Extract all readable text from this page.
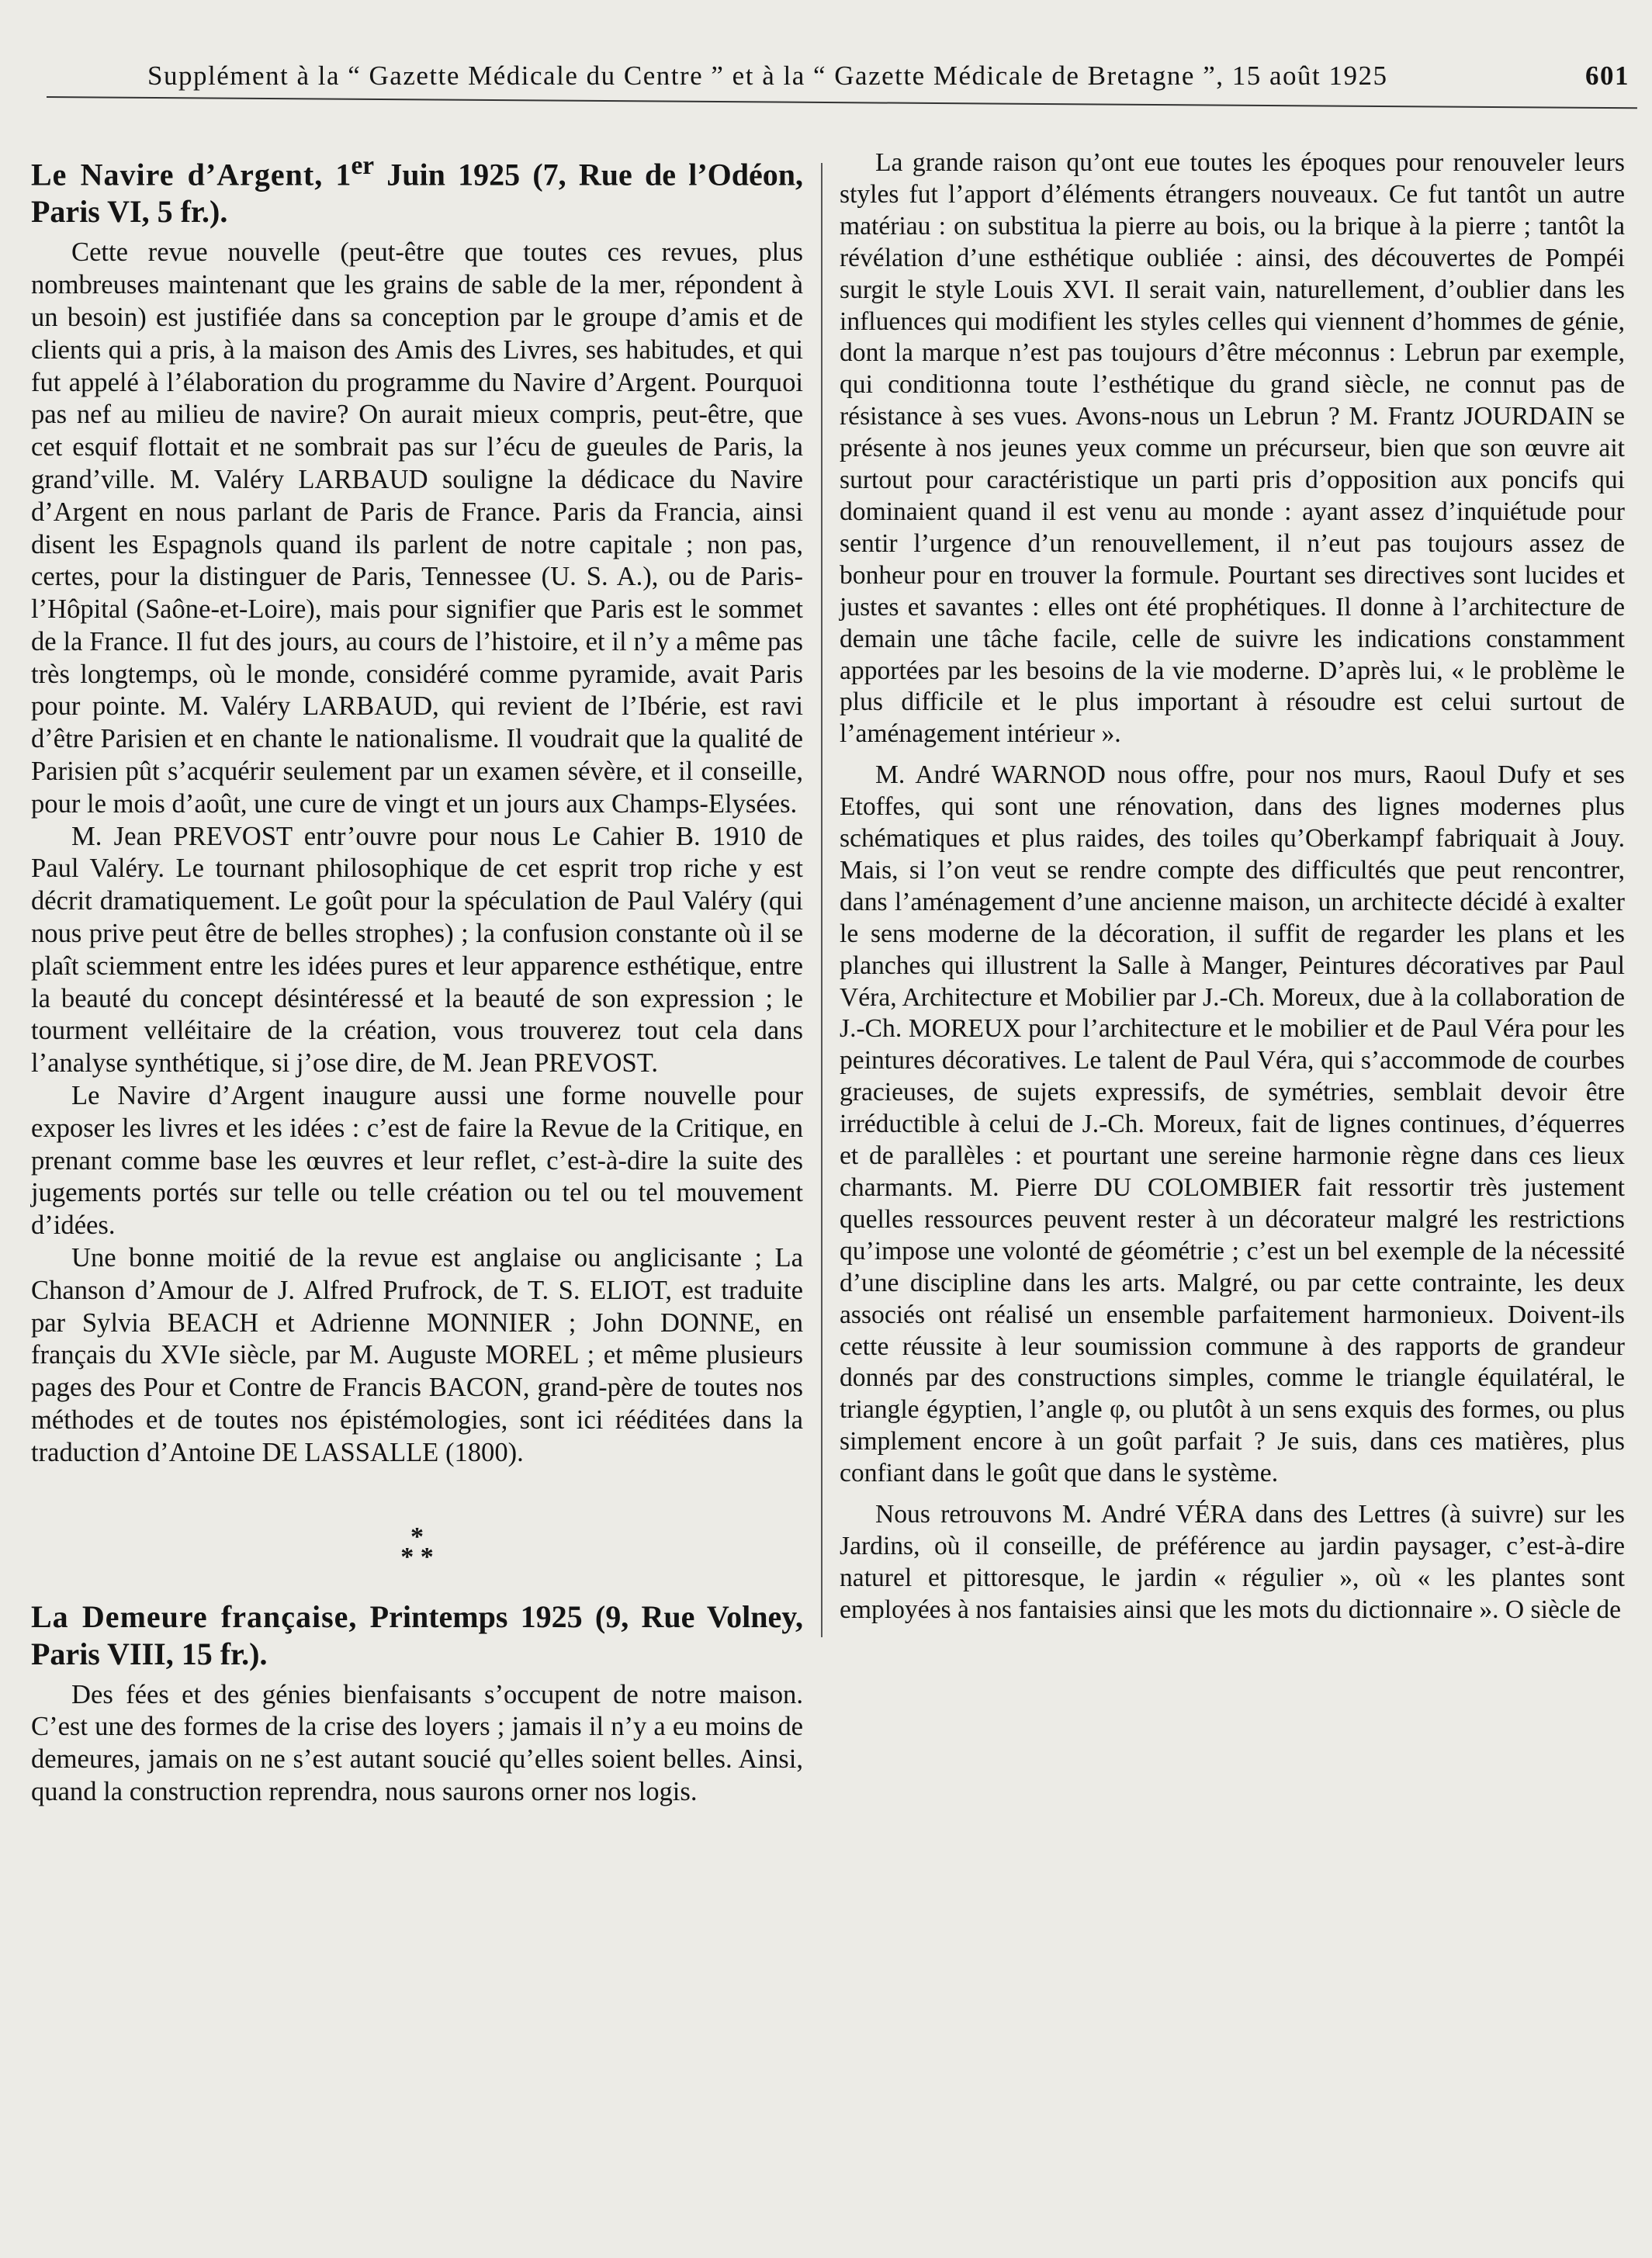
Supplément à la “ Gazette Médicale du Centre ” et à la “ Gazette Médicale de Bretagne ”, 15 août 1925	601
Le Navire d’Argent, 1er Juin 1925 (7, Rue de l’Odéon, Paris VI, 5 fr.).

Cette revue nouvelle (peut-être que toutes ces revues, plus nombreuses maintenant que les grains de sable de la mer, répondent à un besoin) est justifiée dans sa conception par le groupe d’amis et de clients qui a pris, à la maison des Amis des Livres, ses habitudes, et qui fut appelé à l’élaboration du programme du Navire d’Argent. Pourquoi pas nef au milieu de navire? On aurait mieux compris, peut-être, que cet esquif flottait et ne sombrait pas sur l’écu de gueules de Paris, la grand’ville. M. Valéry LARBAUD souligne la dédicace du Navire d’Argent en nous parlant de Paris de France. Paris da Francia, ainsi disent les Espagnols quand ils parlent de notre capitale ; non pas, certes, pour la distinguer de Paris, Tennessee (U. S. A.), ou de Paris-l’Hôpital (Saône-et-Loire), mais pour signifier que Paris est le sommet de la France. Il fut des jours, au cours de l’histoire, et il n’y a même pas très longtemps, où le monde, considéré comme pyramide, avait Paris pour pointe. M. Valéry LARBAUD, qui revient de l’Ibérie, est ravi d’être Parisien et en chante le nationalisme. Il voudrait que la qualité de Parisien pût s’acquérir seulement par un examen sévère, et il conseille, pour le mois d’août, une cure de vingt et un jours aux Champs-Elysées.

M. Jean PREVOST entr’ouvre pour nous Le Cahier B. 1910 de Paul Valéry. Le tournant philosophique de cet esprit trop riche y est décrit dramatiquement. Le goût pour la spéculation de Paul Valéry (qui nous prive peut être de belles strophes) ; la confusion constante où il se plaît sciemment entre les idées pures et leur apparence esthétique, entre la beauté du concept désintéressé et la beauté de son expression ; le tourment velléitaire de la création, vous trouverez tout cela dans l’analyse synthétique, si j’ose dire, de M. Jean PREVOST.

Le Navire d’Argent inaugure aussi une forme nouvelle pour exposer les livres et les idées : c’est de faire la Revue de la Critique, en prenant comme base les œuvres et leur reflet, c’est-à-dire la suite des jugements portés sur telle ou telle création ou tel ou tel mouvement d’idées.

Une bonne moitié de la revue est anglaise ou anglicisante ; La Chanson d’Amour de J. Alfred Prufrock, de T. S. ELIOT, est traduite par Sylvia BEACH et Adrienne MONNIER ; John DONNE, en français du XVIe siècle, par M. Auguste MOREL ; et même plusieurs pages des Pour et Contre de Francis BACON, grand-père de toutes nos méthodes et de toutes nos épistémologies, sont ici rééditées dans la traduction d’Antoine DE LASSALLE (1800).

*
* *
La Demeure française, Printemps 1925 (9, Rue Volney, Paris VIII, 15 fr.).

Des fées et des génies bienfaisants s’occupent de notre maison. C’est une des formes de la crise des loyers ; jamais il n’y a eu moins de demeures, jamais on ne s’est autant soucié qu’elles soient belles. Ainsi, quand la construction reprendra, nous saurons orner nos logis.

La grande raison qu’ont eue toutes les époques pour renouveler leurs styles fut l’apport d’éléments étrangers nouveaux. Ce fut tantôt un autre matériau : on substitua la pierre au bois, ou la brique à la pierre ; tantôt la révélation d’une esthétique oubliée : ainsi, des découvertes de Pompéi surgit le style Louis XVI. Il serait vain, naturellement, d’oublier dans les influences qui modifient les styles celles qui viennent d’hommes de génie, dont la marque n’est pas toujours d’être méconnus : Lebrun par exemple, qui conditionna toute l’esthétique du grand siècle, ne connut pas de résistance à ses vues. Avons-nous un Lebrun ? M. Frantz JOURDAIN se présente à nos jeunes yeux comme un précurseur, bien que son œuvre ait surtout pour caractéristique un parti pris d’opposition aux poncifs qui dominaient quand il est venu au monde : ayant assez d’inquiétude pour sentir l’urgence d’un renouvellement, il n’eut pas toujours assez de bonheur pour en trouver la formule. Pourtant ses directives sont lucides et justes et savantes : elles ont été prophétiques. Il donne à l’architecture de demain une tâche facile, celle de suivre les indications constamment apportées par les besoins de la vie moderne. D’après lui, « le problème le plus difficile et le plus important à résoudre est celui surtout de l’aménagement intérieur ».

M. André WARNOD nous offre, pour nos murs, Raoul Dufy et ses Etoffes, qui sont une rénovation, dans des lignes modernes plus schématiques et plus raides, des toiles qu’Oberkampf fabriquait à Jouy. Mais, si l’on veut se rendre compte des difficultés que peut rencontrer, dans l’aménagement d’une ancienne maison, un architecte décidé à exalter le sens moderne de la décoration, il suffit de regarder les plans et les planches qui illustrent la Salle à Manger, Peintures décoratives par Paul Véra, Architecture et Mobilier par J.-Ch. Moreux, due à la collaboration de J.-Ch. MOREUX pour l’architecture et le mobilier et de Paul Véra pour les peintures décoratives. Le talent de Paul Véra, qui s’accommode de courbes gracieuses, de sujets expressifs, de symétries, semblait devoir être irréductible à celui de J.-Ch. Moreux, fait de lignes continues, d’équerres et de parallèles : et pourtant une sereine harmonie règne dans ces lieux charmants. M. Pierre DU COLOMBIER fait ressortir très justement quelles ressources peuvent rester à un décorateur malgré les restrictions qu’impose une volonté de géométrie ; c’est un bel exemple de la nécessité d’une discipline dans les arts. Malgré, ou par cette contrainte, les deux associés ont réalisé un ensemble parfaitement harmonieux. Doivent-ils cette réussite à leur soumission commune à des rapports de grandeur donnés par des constructions simples, comme le triangle équilatéral, le triangle égyptien, l’angle φ, ou plutôt à un sens exquis des formes, ou plus simplement encore à un goût parfait ? Je suis, dans ces matières, plus confiant dans le goût que dans le système.

Nous retrouvons M. André VÉRA dans des Lettres (à suivre) sur les Jardins, où il conseille, de préférence au jardin paysager, c’est-à-dire naturel et pittoresque, le jardin « régulier », où « les plantes sont employées à nos fantaisies ainsi que les mots du dictionnaire ». O siècle de
